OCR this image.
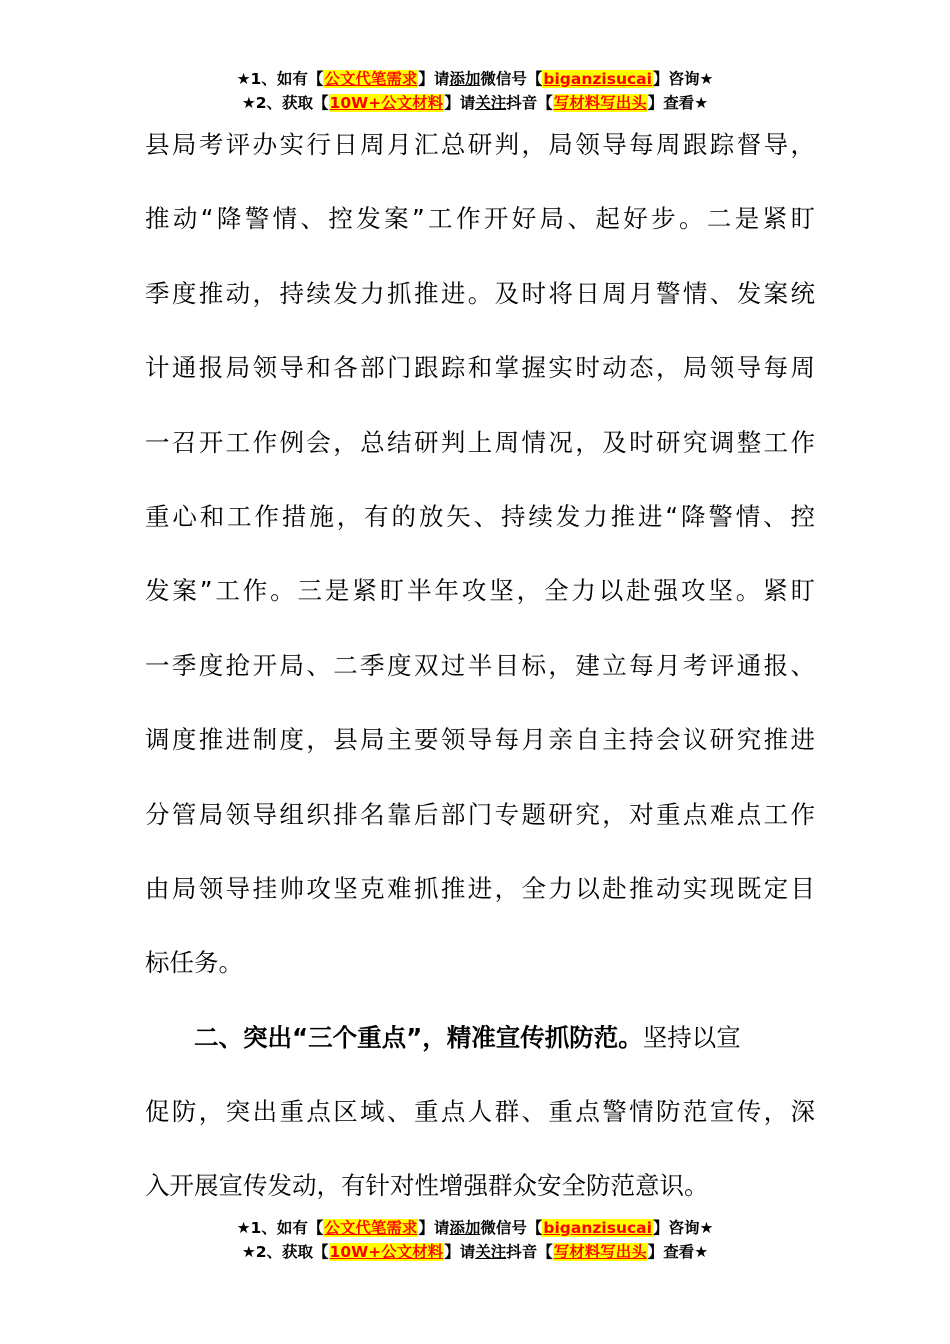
★1、如有【公文代笔需求】请添加微信号【biganzisucai】咨询★
★2、获取【10W+公文材料】请关注抖音【写材料写出头】查看★
县局考评办实行日周月汇总研判，局领导每周跟踪督导，
推动“降警情、控发案”工作开好局、起好步。二是紧盯
季度推动，持续发力抓推进。及时将日周月警情、发案统
计通报局领导和各部门跟踪和掌握实时动态，局领导每周
一召开工作例会，总结研判上周情况，及时研究调整工作
重心和工作措施，有的放矢、持续发力推进“降警情、控
发案”工作。三是紧盯半年攻坚，全力以赴强攻坚。紧盯
一季度抢开局、二季度双过半目标，建立每月考评通报、
调度推进制度，县局主要领导每月亲自主持会议研究推进
分管局领导组织排名靠后部门专题研究，对重点难点工作
由局领导挂帅攻坚克难抓推进，全力以赴推动实现既定目
标任务。
二、突出“三个重点”，精准宣传抓防范。坚持以宣
促防，突出重点区域、重点人群、重点警情防范宣传，深
入开展宣传发动，有针对性增强群众安全防范意识。
★1、如有【公文代笔需求】请添加微信号【biganzisucai】咨询★
★2、获取【10W+公文材料】请关注抖音【写材料写出头】查看★
